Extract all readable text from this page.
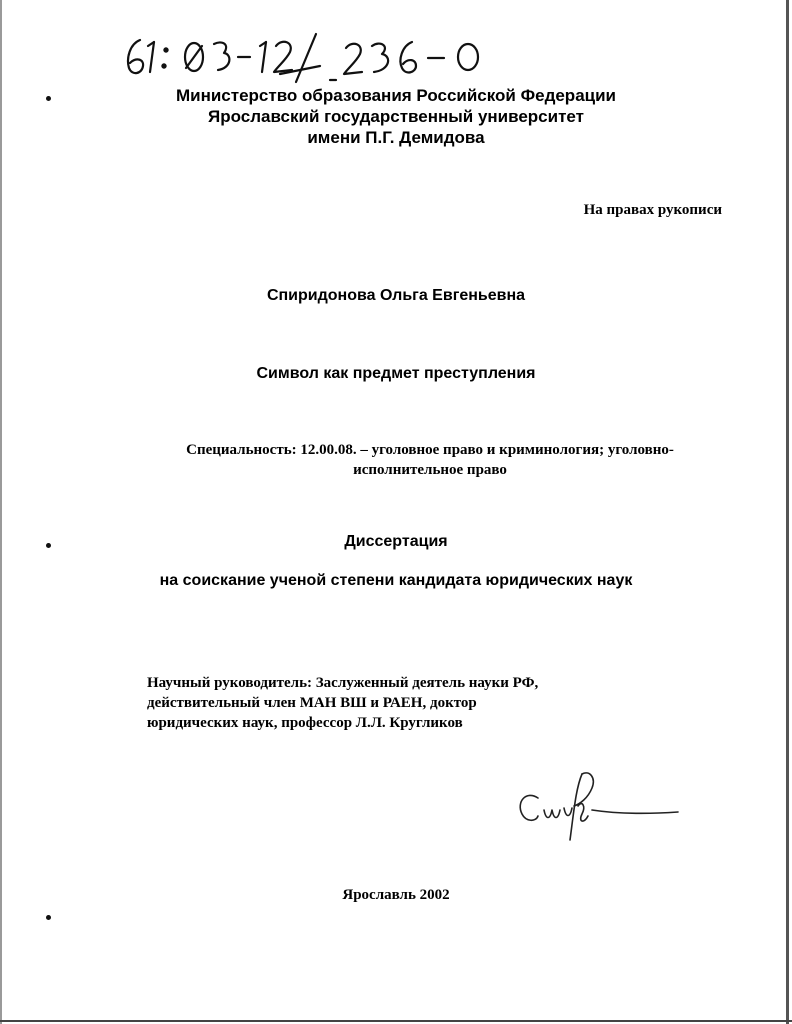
Министерство образования Российской Федерации
Ярославский государственный университет
имени П.Г. Демидова
На правах рукописи
Спиридонова Ольга Евгеньевна
Символ как предмет преступления
Специальность: 12.00.08. – уголовное право и криминология; уголовно-
исполнительное право
Диссертация
на соискание ученой степени кандидата юридических наук
Научный руководитель: Заслуженный деятель науки РФ,
действительный член МАН ВШ и РАЕН, доктор
юридических наук, профессор Л.Л. Кругликов
Ярославль 2002
